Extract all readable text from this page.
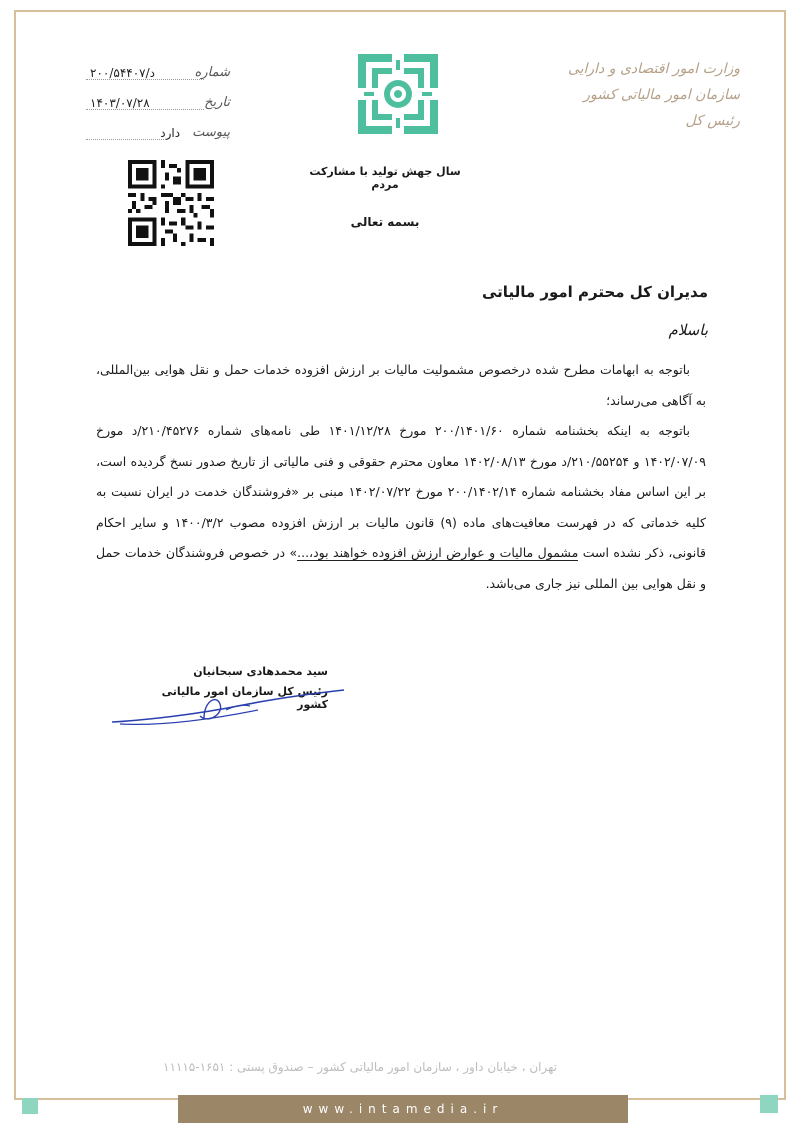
شماره
د/۲۰۰/۵۴۴۰۷
تاریخ
۱۴۰۳/۰۷/۲۸
پیوست
دارد
وزارت امور اقتصادی و دارایی
سازمان امور مالیاتی کشور
رئیس کل
سال جهش تولید با مشارکت مردم
بسمه تعالی
مدیران کل محترم امور مالیاتی
باسلام

باتوجه به ابهامات مطرح شده درخصوص مشمولیت مالیات بر ارزش افزوده خدمات حمل و نقل هوایی بین‌المللی، به آگاهی می‌رساند؛

باتوجه به اینکه بخشنامه شماره ۲۰۰/۱۴۰۱/۶۰ مورخ ۱۴۰۱/۱۲/۲۸ طی نامه‌های شماره ۲۱۰/۴۵۲۷۶/د مورخ ۱۴۰۲/۰۷/۰۹ و ۲۱۰/۵۵۲۵۴/د مورخ ۱۴۰۲/۰۸/۱۳ معاون محترم حقوقی و فنی مالیاتی از تاریخ صدور نسخ گردیده است، بر این اساس مفاد بخشنامه شماره ۲۰۰/۱۴۰۲/۱۴ مورخ ۱۴۰۲/۰۷/۲۲ مبنی بر «فروشندگان خدمت در ایران نسبت به کلیه خدماتی که در فهرست معافیت‌های ماده (۹) قانون مالیات بر ارزش افزوده مصوب ۱۴۰۰/۳/۲ و سایر احکام قانونی، ذکر نشده است مشمول مالیات و عوارض ارزش افزوده خواهند بود،...» در خصوص فروشندگان خدمات حمل و نقل هوایی بین المللی نیز جاری می‌باشد.

سید محمدهادی سبحانیان
رئیس کل سازمان امور مالیاتی کشور
تهران ، خیابان داور ، سازمان امور مالیاتی کشور – صندوق پستی : ۱۶۵۱-۱۱۱۱۵
www.intamedia.ir
